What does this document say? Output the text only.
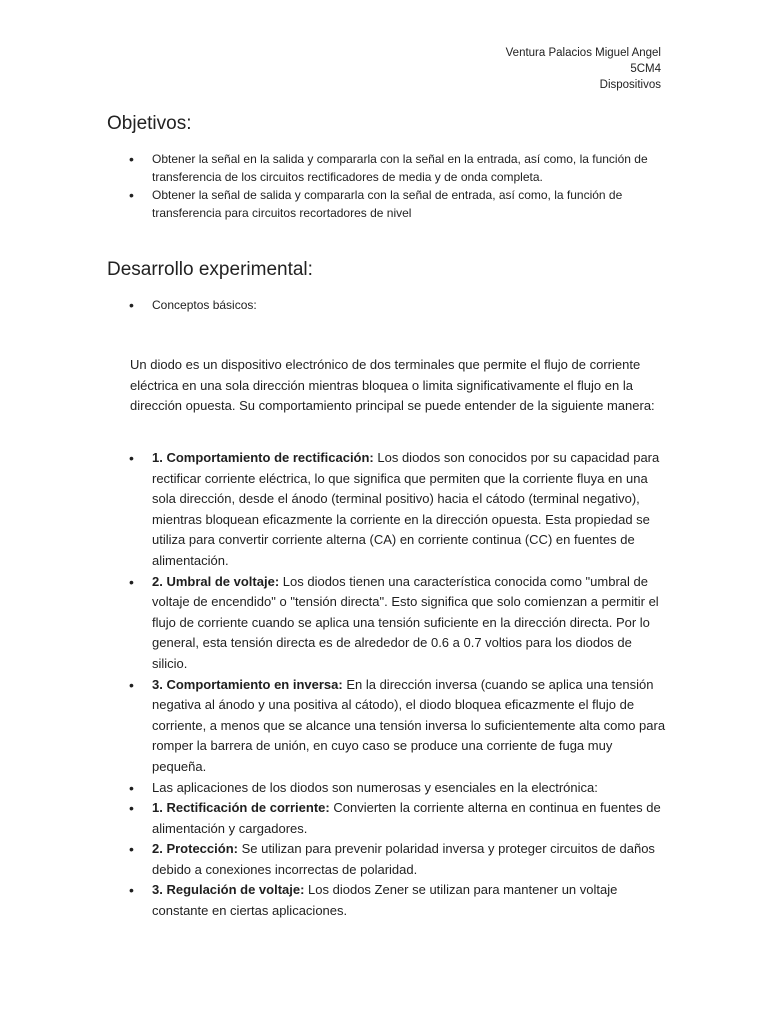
Ventura Palacios Miguel Angel
5CM4
Dispositivos
Objetivos:
• Obtener la señal en la salida y compararla con la señal en la entrada, así como, la función de transferencia de los circuitos rectificadores de media y de onda completa.
• Obtener la señal de salida y compararla con la señal de entrada, así como, la función de transferencia para circuitos recortadores de nivel
Desarrollo experimental:
• Conceptos básicos:

Un diodo es un dispositivo electrónico de dos terminales que permite el flujo de corriente eléctrica en una sola dirección mientras bloquea o limita significativamente el flujo en la dirección opuesta. Su comportamiento principal se puede entender de la siguiente manera:

• 1. Comportamiento de rectificación: Los diodos son conocidos por su capacidad para rectificar corriente eléctrica, lo que significa que permiten que la corriente fluya en una sola dirección, desde el ánodo (terminal positivo) hacia el cátodo (terminal negativo), mientras bloquean eficazmente la corriente en la dirección opuesta. Esta propiedad se utiliza para convertir corriente alterna (CA) en corriente continua (CC) en fuentes de alimentación.
• 2. Umbral de voltaje: Los diodos tienen una característica conocida como "umbral de voltaje de encendido" o "tensión directa". Esto significa que solo comienzan a permitir el flujo de corriente cuando se aplica una tensión suficiente en la dirección directa. Por lo general, esta tensión directa es de alrededor de 0.6 a 0.7 voltios para los diodos de silicio.
• 3. Comportamiento en inversa: En la dirección inversa (cuando se aplica una tensión negativa al ánodo y una positiva al cátodo), el diodo bloquea eficazmente el flujo de corriente, a menos que se alcance una tensión inversa lo suficientemente alta como para romper la barrera de unión, en cuyo caso se produce una corriente de fuga muy pequeña.
• Las aplicaciones de los diodos son numerosas y esenciales en la electrónica:
• 1. Rectificación de corriente: Convierten la corriente alterna en continua en fuentes de alimentación y cargadores.
• 2. Protección: Se utilizan para prevenir polaridad inversa y proteger circuitos de daños debido a conexiones incorrectas de polaridad.
• 3. Regulación de voltaje: Los diodos Zener se utilizan para mantener un voltaje constante en ciertas aplicaciones.
